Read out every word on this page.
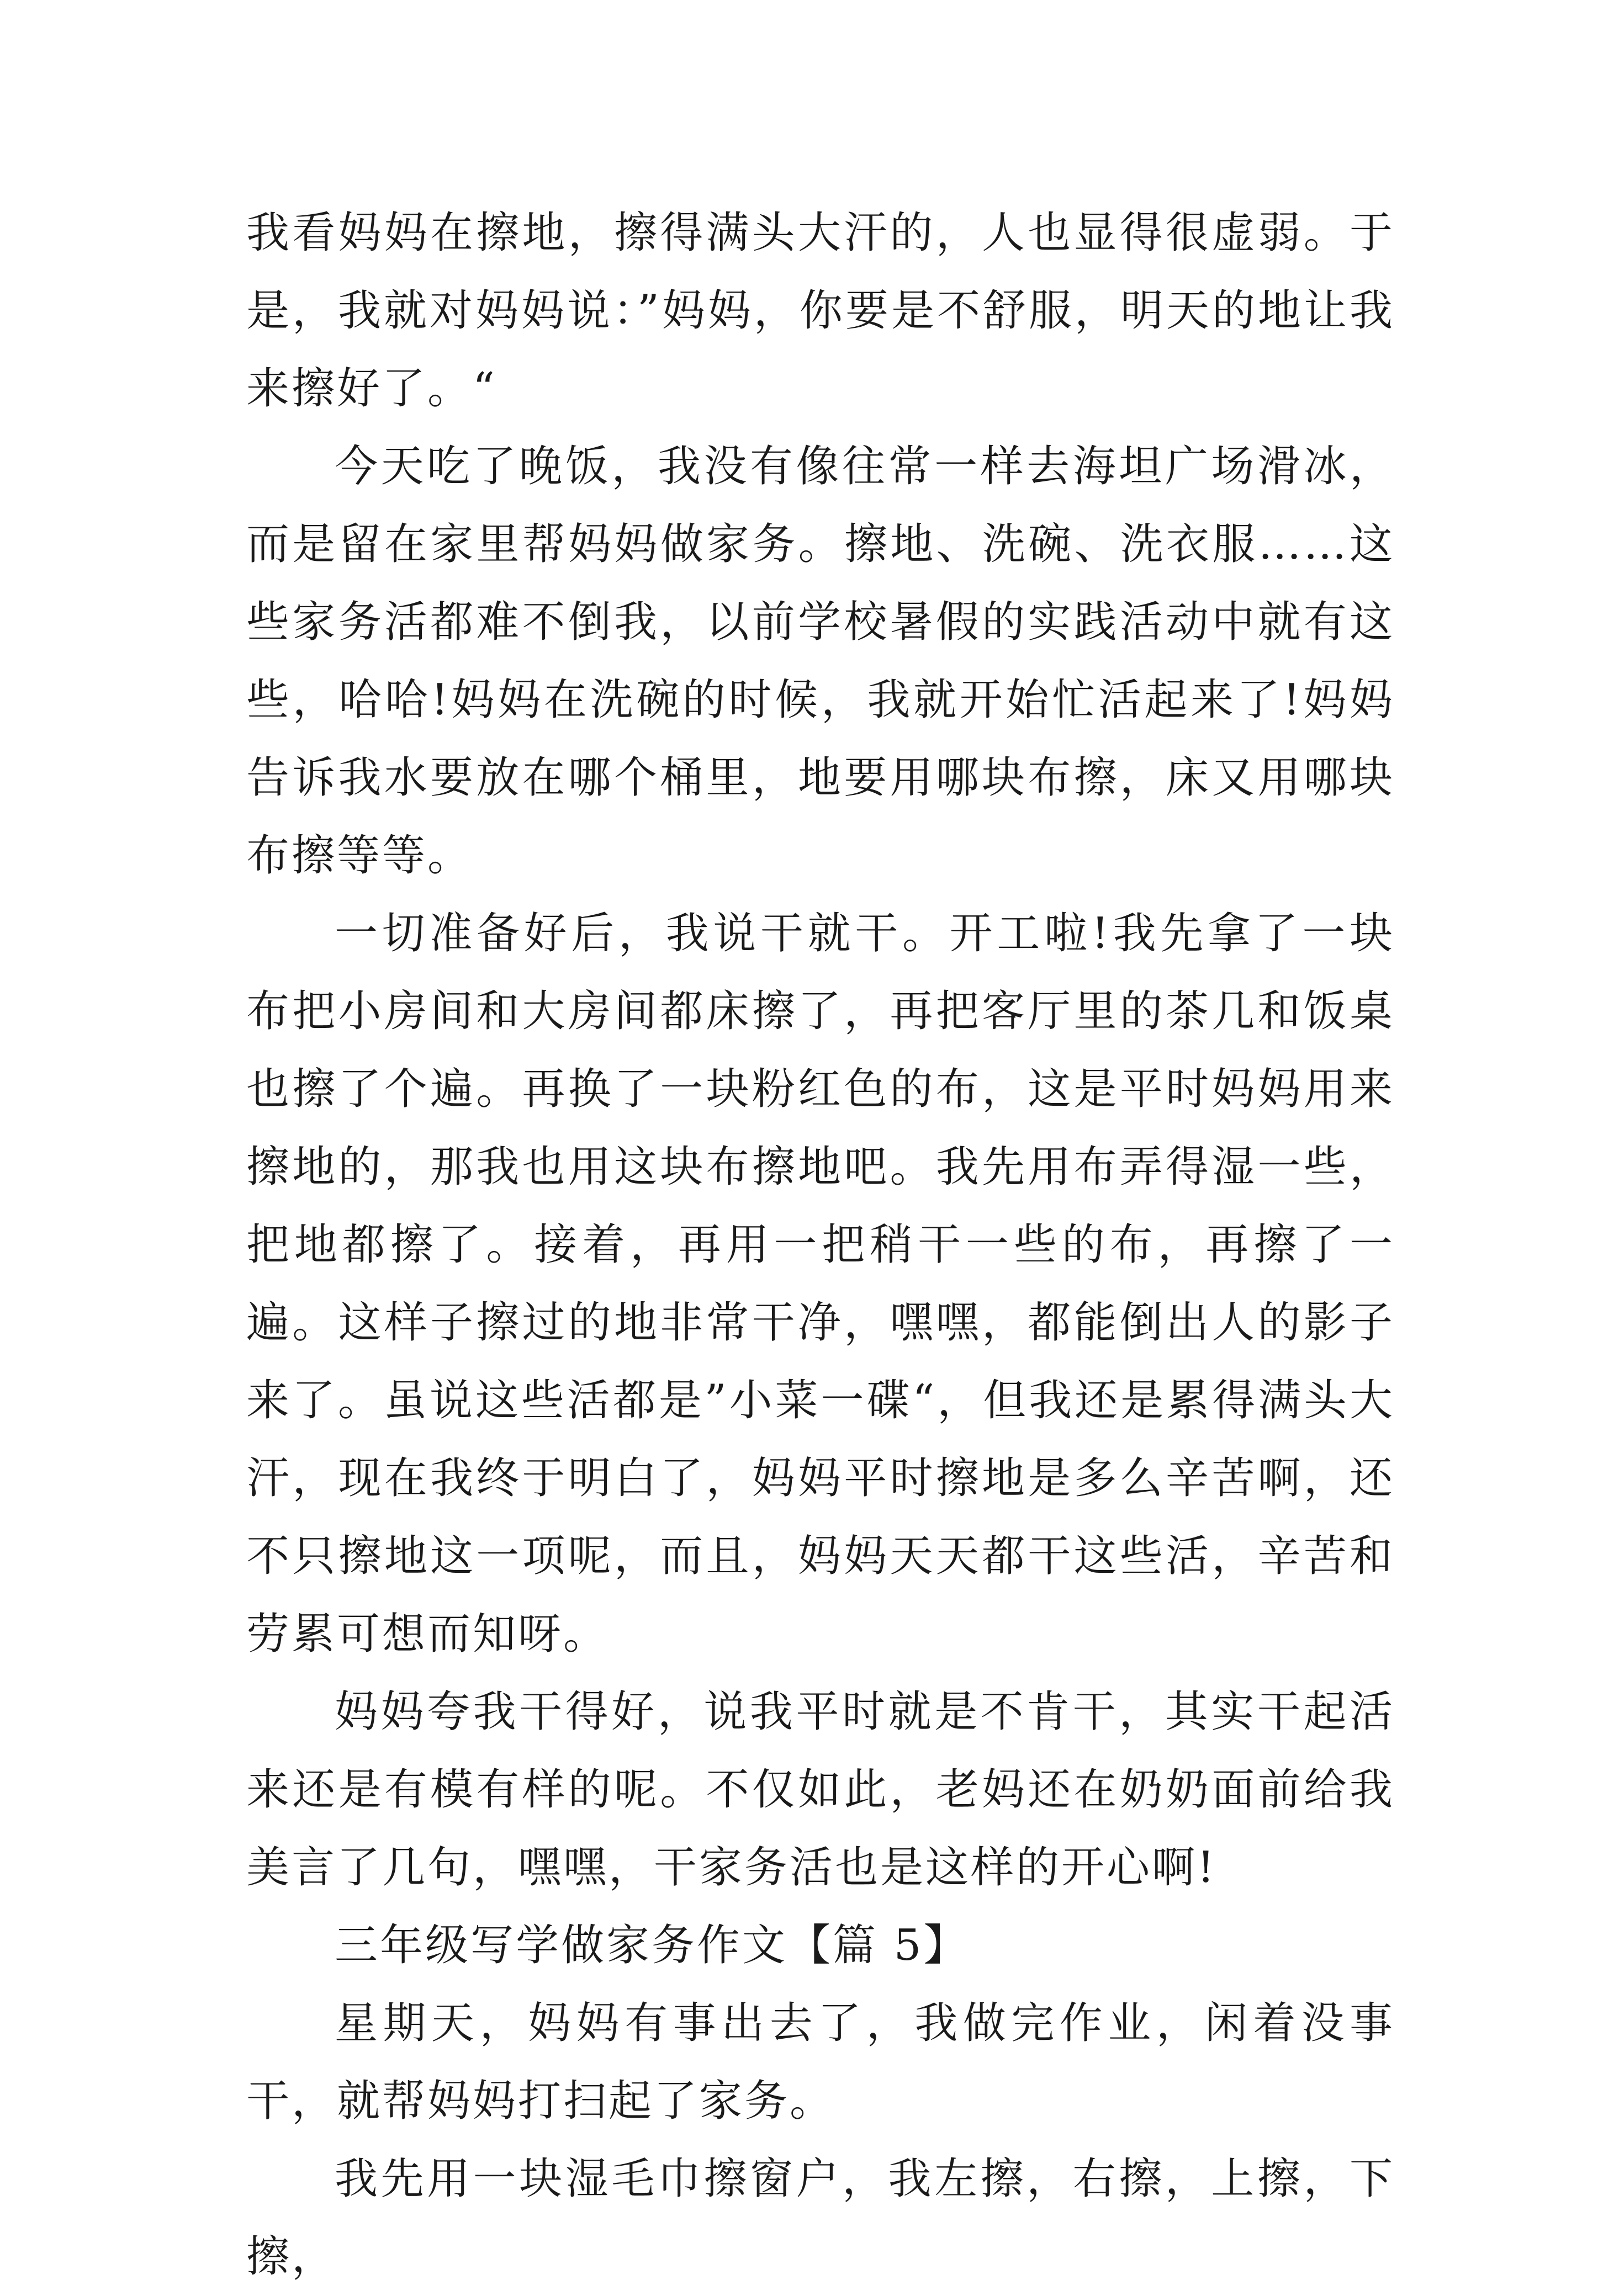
我看妈妈在擦地，擦得满头大汗的，人也显得很虚弱。于是，我就对妈妈说：”妈妈，你要是不舒服，明天的地让我来擦好了。“

今天吃了晚饭，我没有像往常一样去海坦广场滑冰，而是留在家里帮妈妈做家务。擦地、洗碗、洗衣服……这些家务活都难不倒我，以前学校暑假的实践活动中就有这些，哈哈!妈妈在洗碗的时候，我就开始忙活起来了!妈妈告诉我水要放在哪个桶里，地要用哪块布擦，床又用哪块布擦等等。

一切准备好后，我说干就干。开工啦!我先拿了一块布把小房间和大房间都床擦了，再把客厅里的茶几和饭桌也擦了个遍。再换了一块粉红色的布，这是平时妈妈用来擦地的，那我也用这块布擦地吧。我先用布弄得湿一些，把地都擦了。接着，再用一把稍干一些的布，再擦了一遍。这样子擦过的地非常干净，嘿嘿，都能倒出人的影子来了。虽说这些活都是”小菜一碟“，但我还是累得满头大汗，现在我终于明白了，妈妈平时擦地是多么辛苦啊，还不只擦地这一项呢，而且，妈妈天天都干这些活，辛苦和劳累可想而知呀。

妈妈夸我干得好，说我平时就是不肯干，其实干起活来还是有模有样的呢。不仅如此，老妈还在奶奶面前给我美言了几句，嘿嘿，干家务活也是这样的开心啊!

三年级写学做家务作文【篇 5】

星期天，妈妈有事出去了，我做完作业，闲着没事干，就帮妈妈打扫起了家务。

我先用一块湿毛巾擦窗户，我左擦，右擦，上擦，下擦，
